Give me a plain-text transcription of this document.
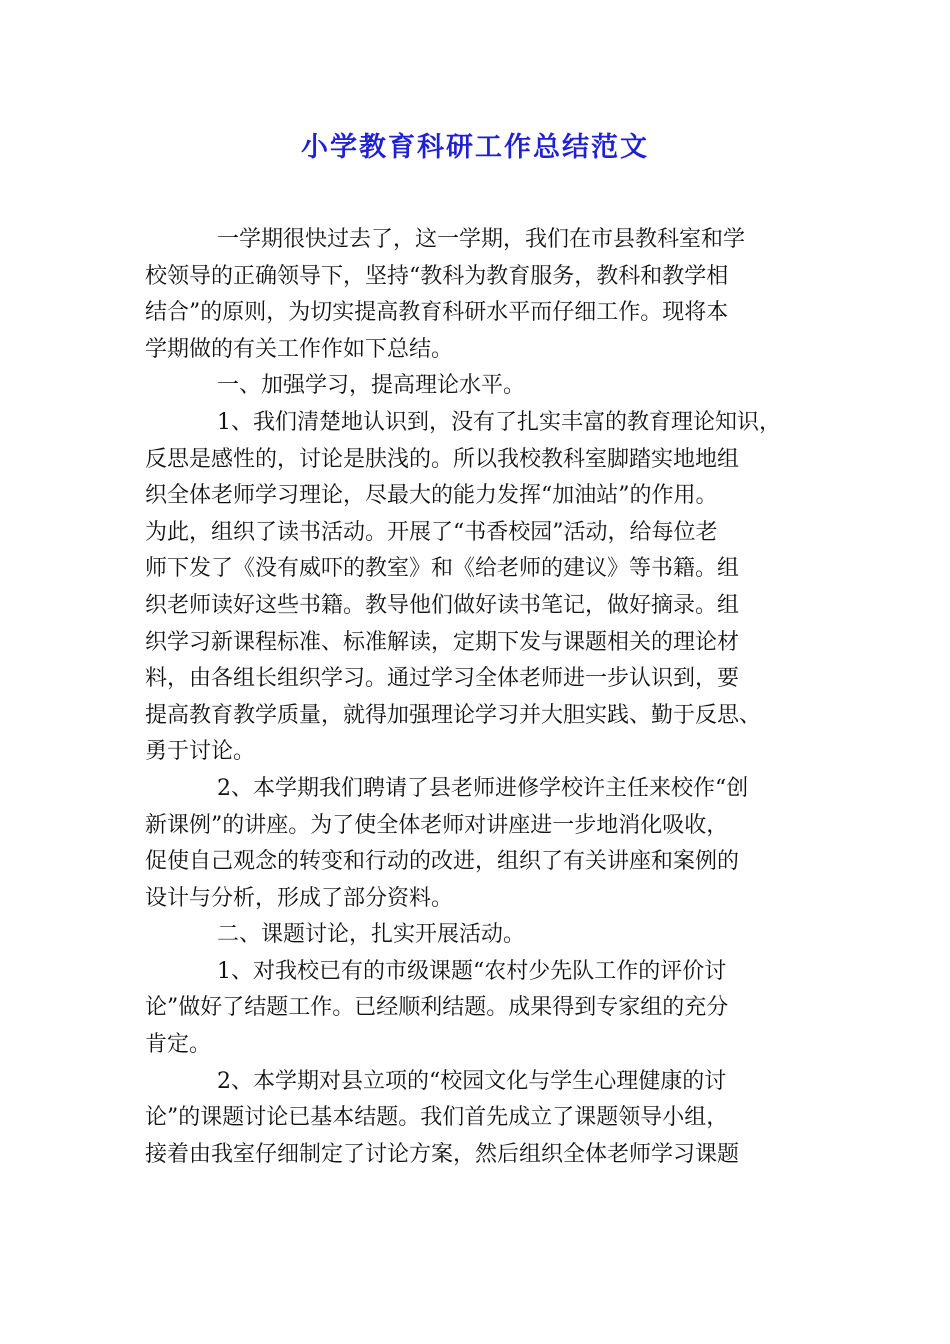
小学教育科研工作总结范文
一学期很快过去了，这一学期，我们在市县教科室和学
校领导的正确领导下，坚持“教科为教育服务，教科和教学相
结合”的原则，为切实提高教育科研水平而仔细工作。现将本
学期做的有关工作作如下总结。
一、加强学习，提高理论水平。
1、我们清楚地认识到，没有了扎实丰富的教育理论知识，
反思是感性的，讨论是肤浅的。所以我校教科室脚踏实地地组
织全体老师学习理论，尽最大的能力发挥“加油站”的作用。
为此，组织了读书活动。开展了“书香校园”活动，给每位老
师下发了《没有威吓的教室》和《给老师的建议》等书籍。组
织老师读好这些书籍。教导他们做好读书笔记，做好摘录。组
织学习新课程标准、标准解读，定期下发与课题相关的理论材
料，由各组长组织学习。通过学习全体老师进一步认识到，要
提高教育教学质量，就得加强理论学习并大胆实践、勤于反思、
勇于讨论。
2、本学期我们聘请了县老师进修学校许主任来校作“创
新课例”的讲座。为了使全体老师对讲座进一步地消化吸收，
促使自己观念的转变和行动的改进，组织了有关讲座和案例的
设计与分析，形成了部分资料。
二、课题讨论，扎实开展活动。
1、对我校已有的市级课题“农村少先队工作的评价讨
论”做好了结题工作。已经顺利结题。成果得到专家组的充分
肯定。
2、本学期对县立项的“校园文化与学生心理健康的讨
论”的课题讨论已基本结题。我们首先成立了课题领导小组，
接着由我室仔细制定了讨论方案，然后组织全体老师学习课题
